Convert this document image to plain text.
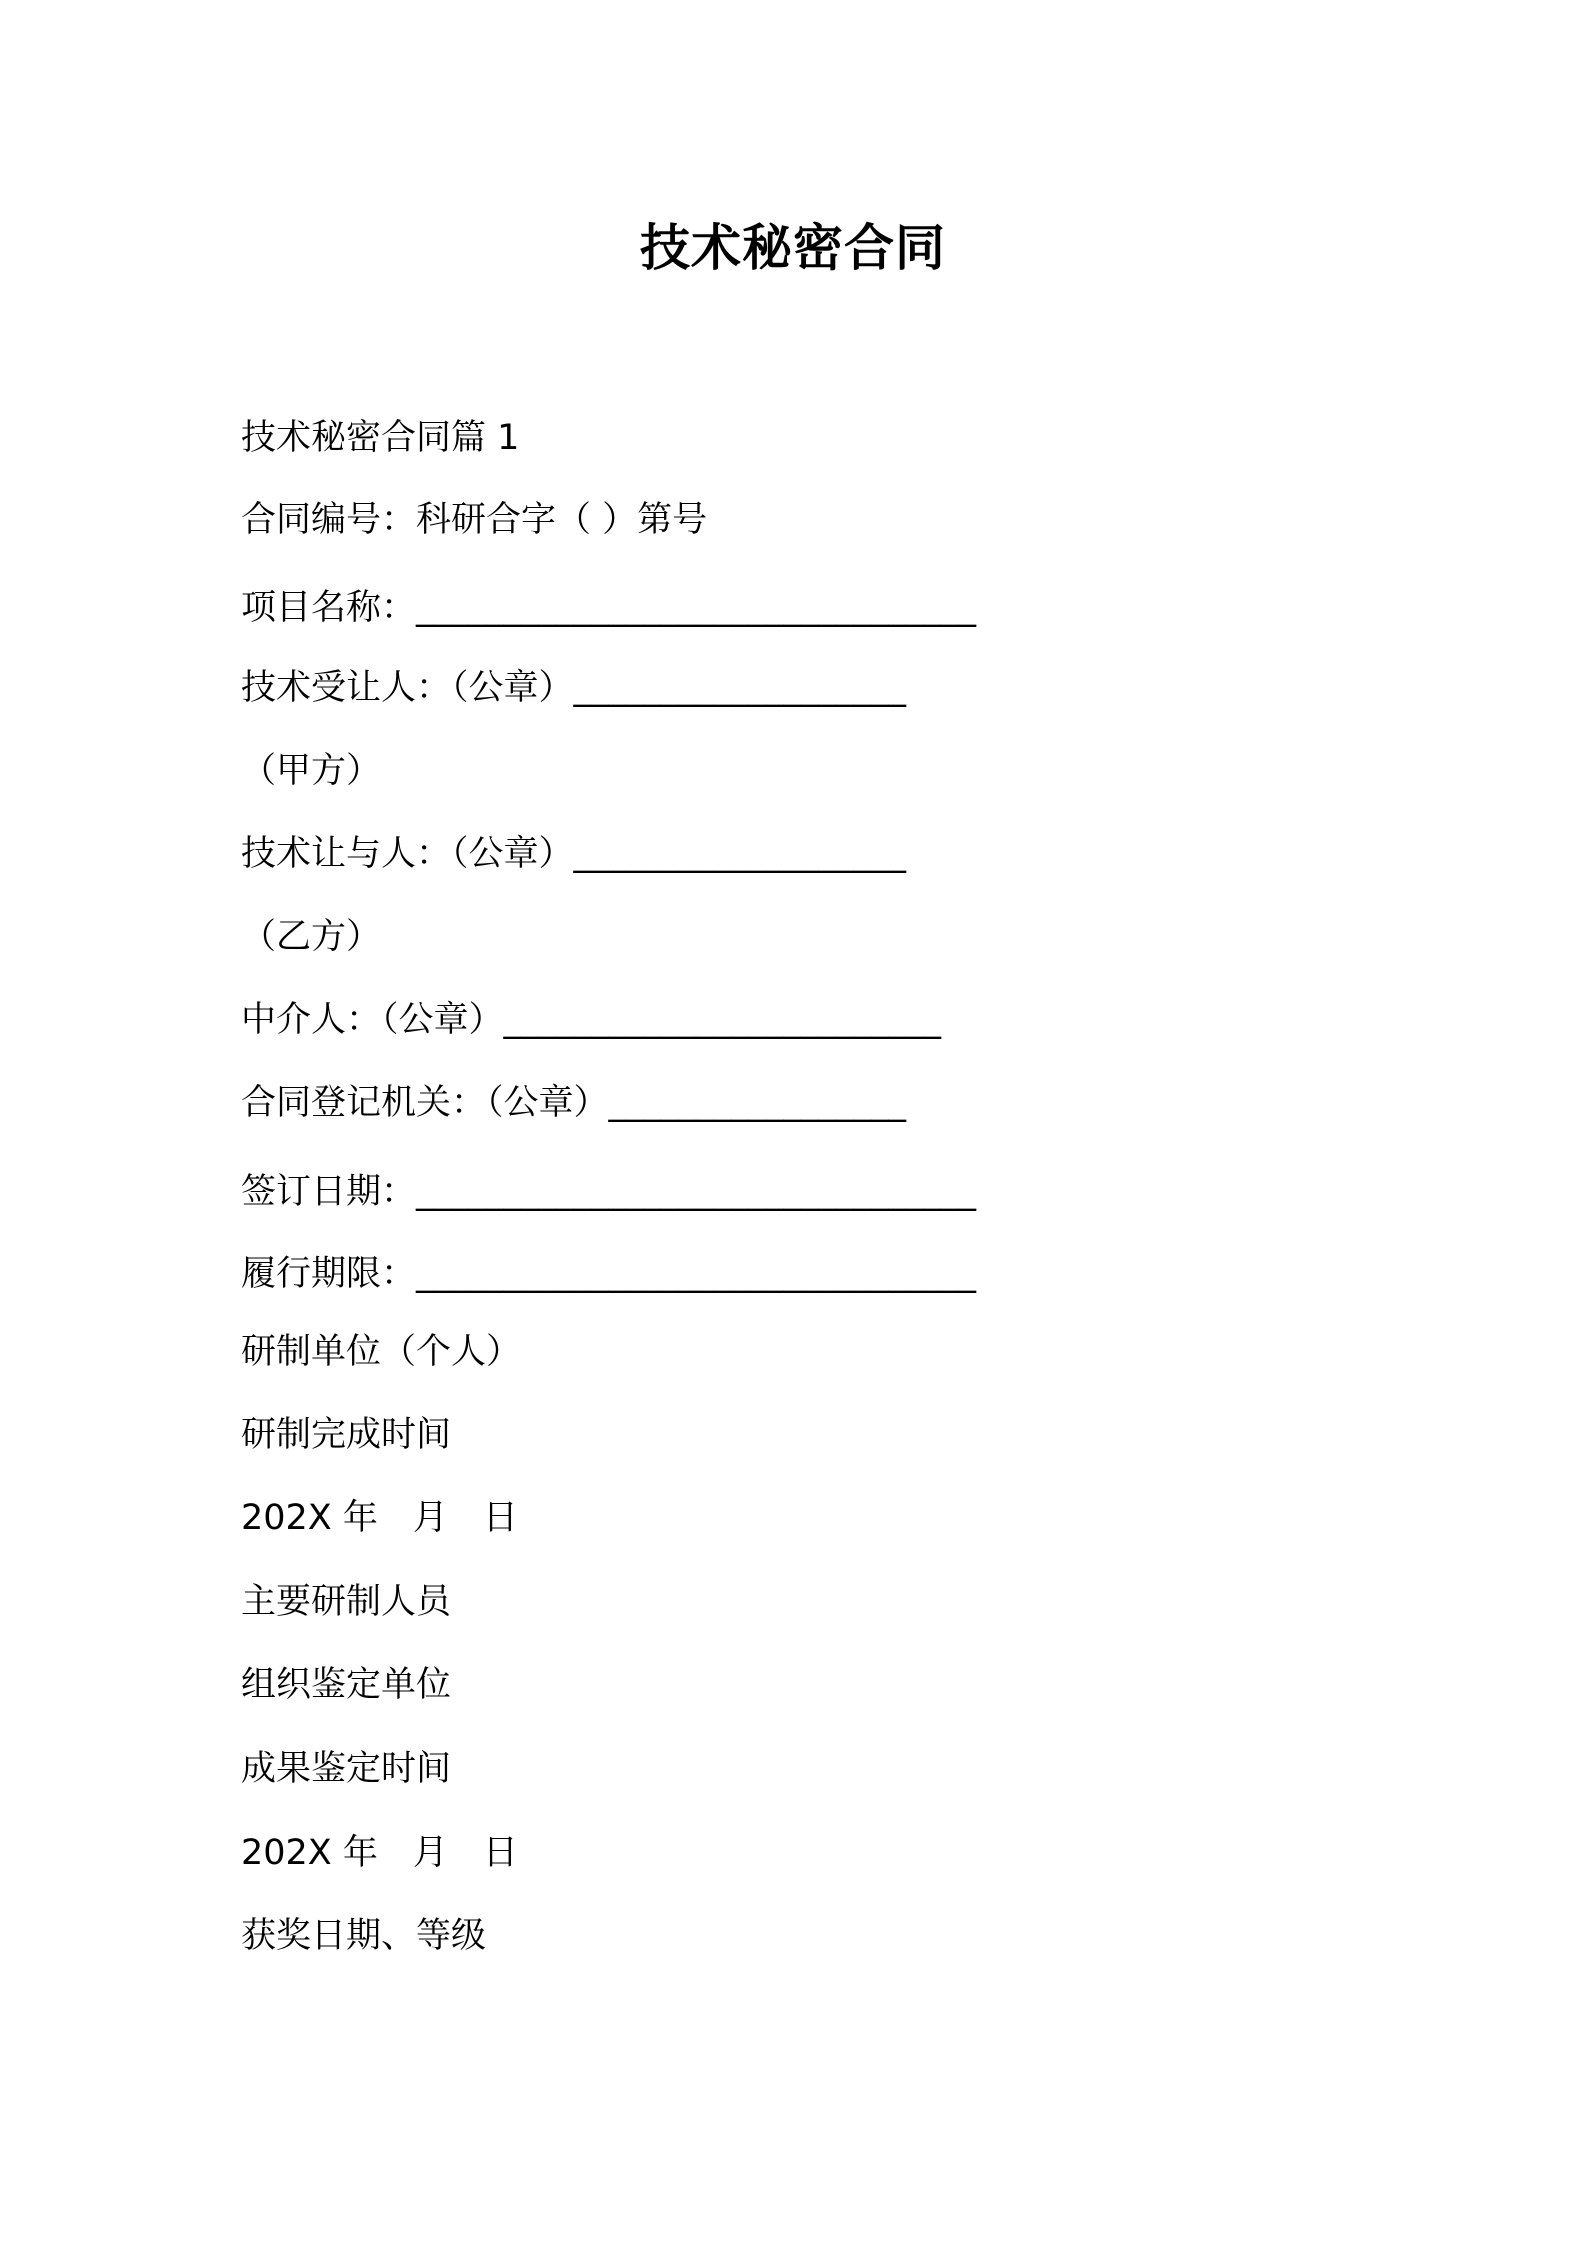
技术秘密合同
技术秘密合同篇 1
合同编号：科研合字（ ）第号
项目名称：________________________________
技术受让人：（公章）___________________
（甲方）
技术让与人：（公章）___________________
（乙方）
中介人：（公章）_________________________
合同登记机关：（公章）_________________
签订日期：________________________________
履行期限：________________________________
研制单位（个人）
研制完成时间
202X 年　月　日
主要研制人员
组织鉴定单位
成果鉴定时间
202X 年　月　日
获奖日期、等级
